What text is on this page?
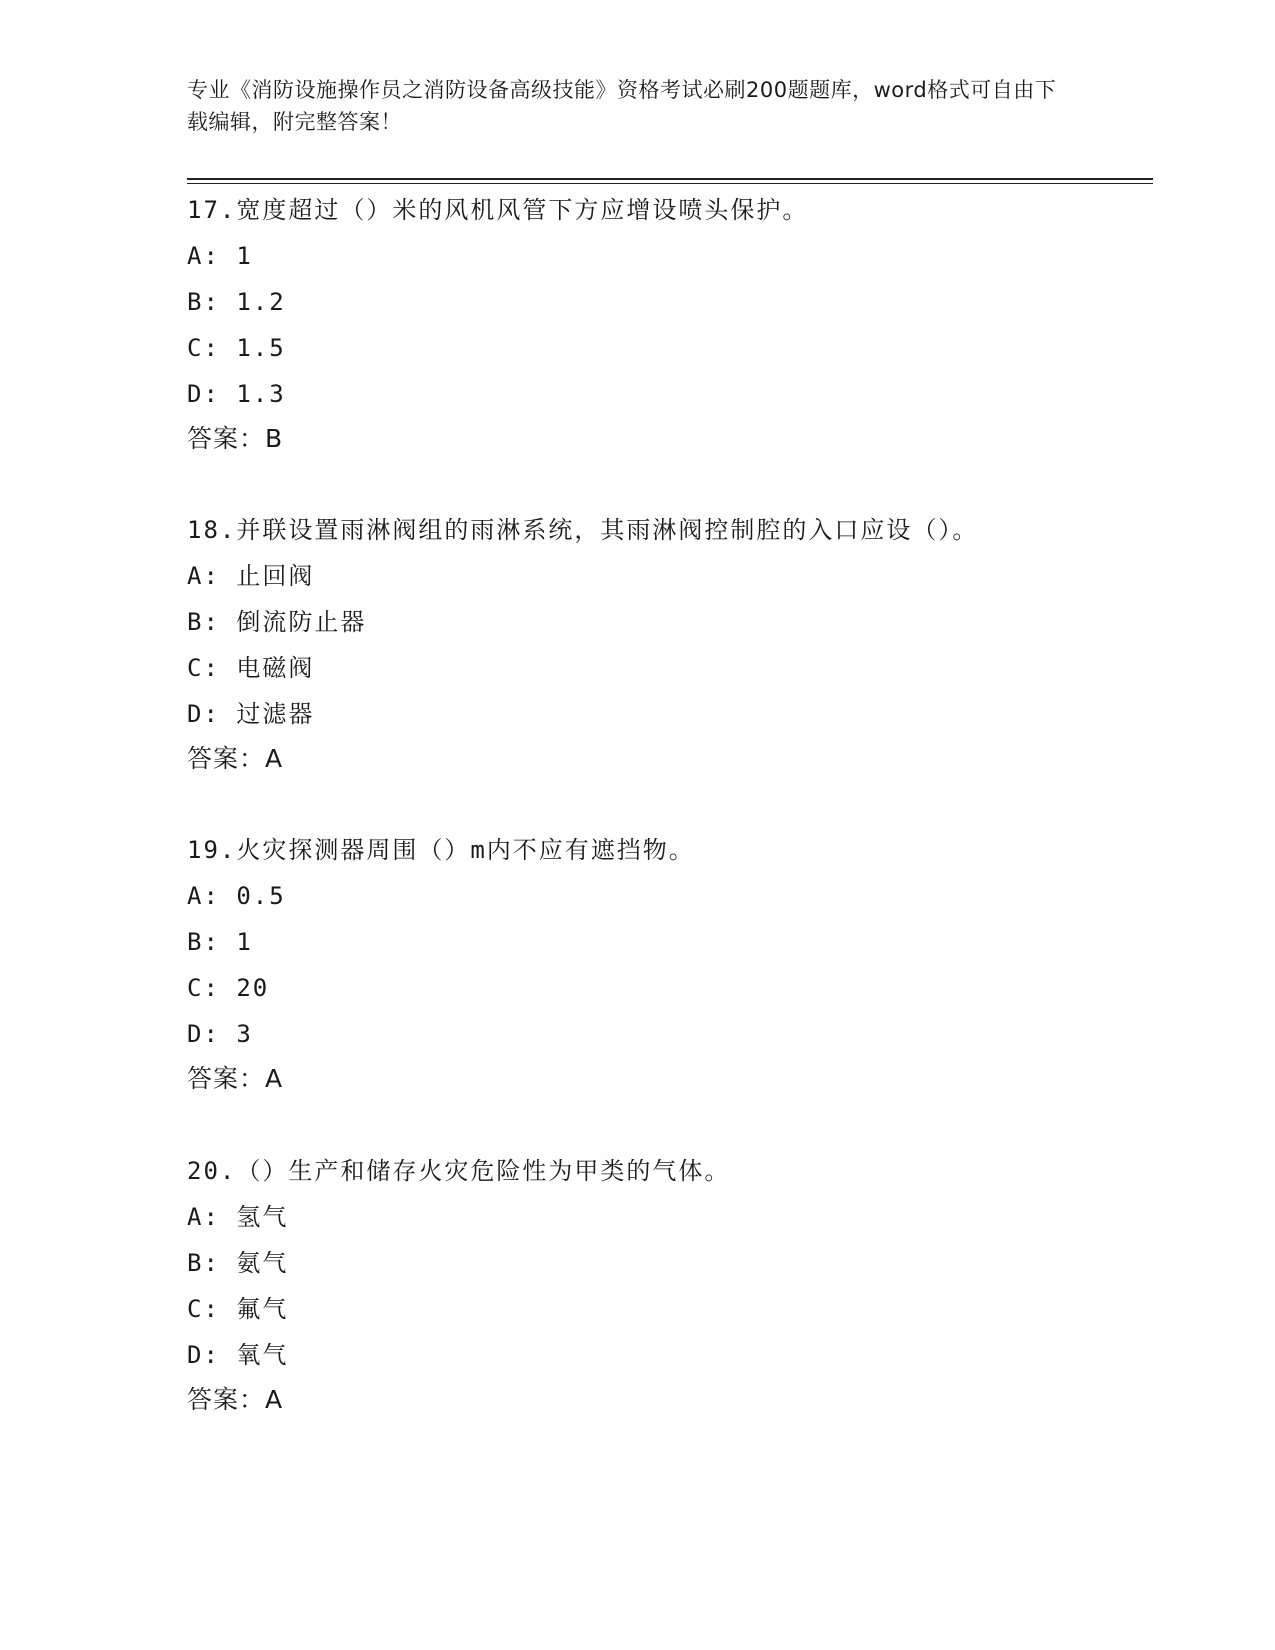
专业《消防设施操作员之消防设备高级技能》资格考试必刷200题题库，word格式可自由下载编辑，附完整答案！
17.宽度超过（）米的风机风管下方应增设喷头保护。
A: 1
B: 1.2
C: 1.5
D: 1.3
答案：B
18.并联设置雨淋阀组的雨淋系统，其雨淋阀控制腔的入口应设（）。
A: 止回阀
B: 倒流防止器
C: 电磁阀
D: 过滤器
答案：A
19.火灾探测器周围（）m内不应有遮挡物。
A: 0.5
B: 1
C: 20
D: 3
答案：A
20.（）生产和储存火灾危险性为甲类的气体。
A: 氢气
B: 氨气
C: 氟气
D: 氧气
答案：A
